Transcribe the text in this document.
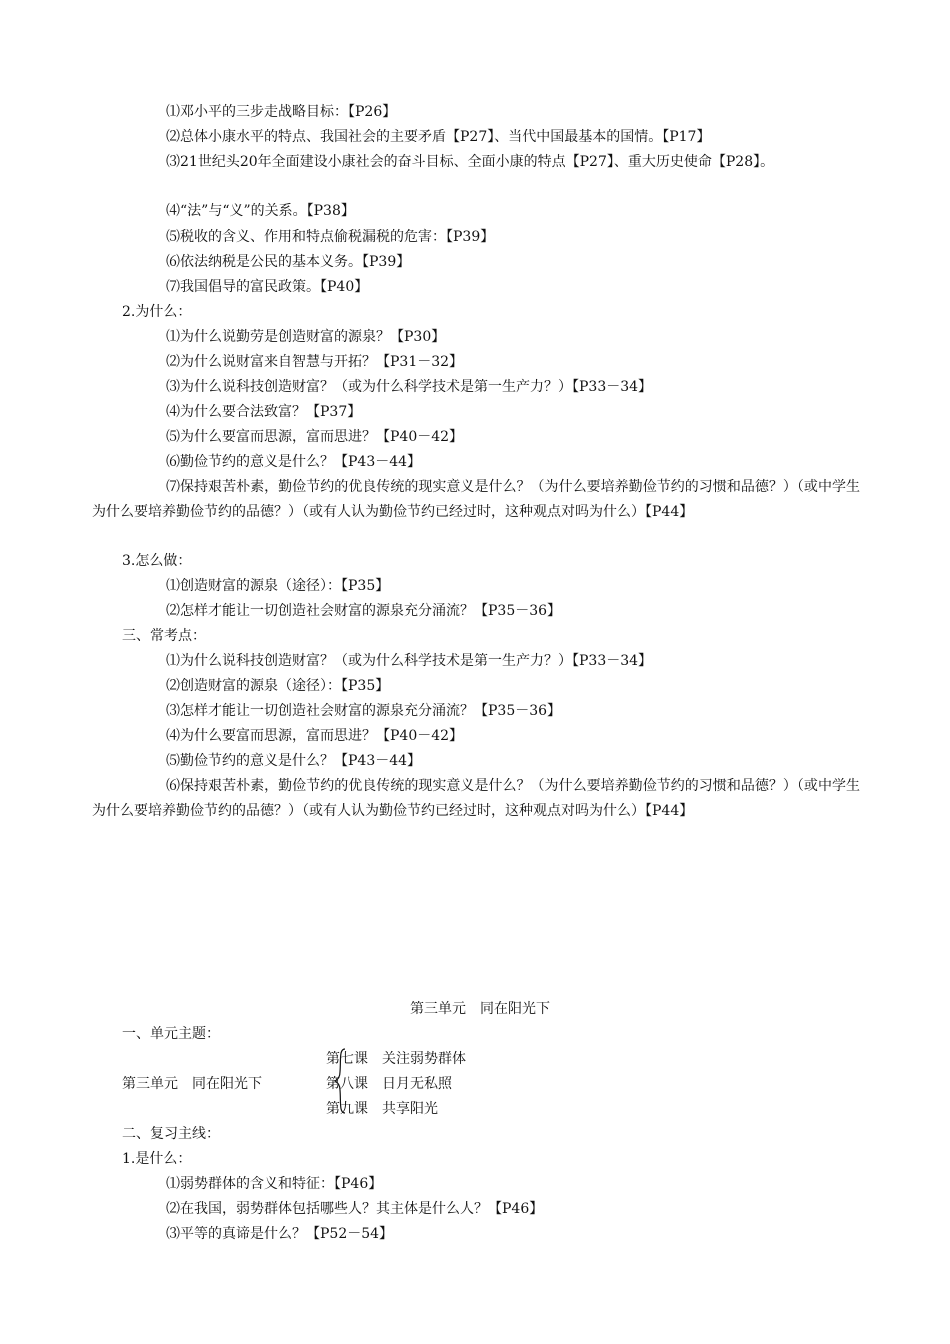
⑴邓小平的三步走战略目标：【P26】
⑵总体小康水平的特点、我国社会的主要矛盾【P27】、当代中国最基本的国情。【P17】
⑶21世纪头20年全面建设小康社会的奋斗目标、全面小康的特点【P27】、重大历史使命【P28】。
⑷“法”与“义”的关系。【P38】
⑸税收的含义、作用和特点偷税漏税的危害：【P39】
⑹依法纳税是公民的基本义务。【P39】
⑺我国倡导的富民政策。【P40】
2.为什么：
⑴为什么说勤劳是创造财富的源泉？【P30】
⑵为什么说财富来自智慧与开拓？【P31－32】
⑶为什么说科技创造财富？（或为什么科学技术是第一生产力？）【P33－34】
⑷为什么要合法致富？【P37】
⑸为什么要富而思源，富而思进？【P40－42】
⑹勤俭节约的意义是什么？【P43－44】
⑺保持艰苦朴素，勤俭节约的优良传统的现实意义是什么？（为什么要培养勤俭节约的习惯和品德？）（或中学生为什么要培养勤俭节约的品德？）（或有人认为勤俭节约已经过时，这种观点对吗为什么）【P44】
3.怎么做：
⑴创造财富的源泉（途径）：【P35】
⑵怎样才能让一切创造社会财富的源泉充分涌流？【P35－36】
三、常考点：
⑴为什么说科技创造财富？（或为什么科学技术是第一生产力？）【P33－34】
⑵创造财富的源泉（途径）：【P35】
⑶怎样才能让一切创造社会财富的源泉充分涌流？【P35－36】
⑷为什么要富而思源，富而思进？【P40－42】
⑸勤俭节约的意义是什么？【P43－44】
⑹保持艰苦朴素，勤俭节约的优良传统的现实意义是什么？（为什么要培养勤俭节约的习惯和品德？）（或中学生为什么要培养勤俭节约的品德？）（或有人认为勤俭节约已经过时，这种观点对吗为什么）【P44】
第三单元　同在阳光下
一、单元主题：
第三单元　同在阳光下
第七课　关注弱势群体
第八课　日月无私照
第九课　共享阳光
二、复习主线：
1.是什么：
⑴弱势群体的含义和特征：【P46】
⑵在我国，弱势群体包括哪些人？其主体是什么人？【P46】
⑶平等的真谛是什么？【P52－54】
